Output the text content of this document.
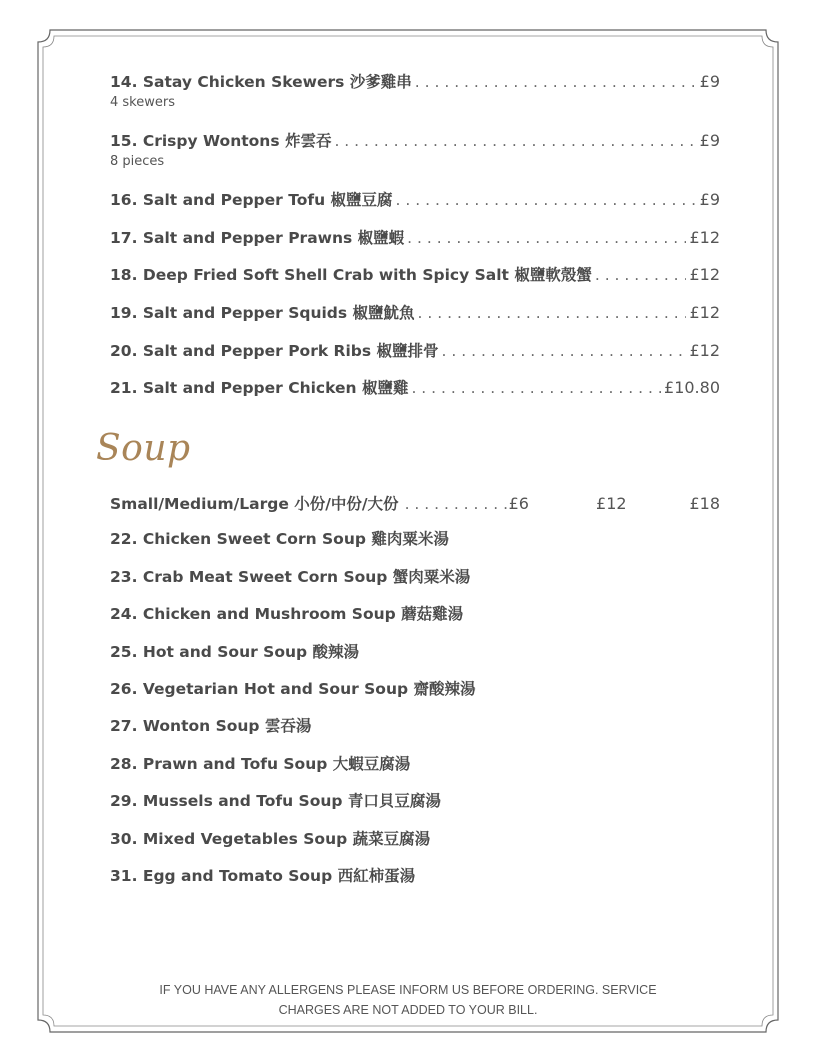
14. Satay Chicken Skewers 沙爹雞串 . . .	£9
4 skewers
15. Crispy Wontons 炸雲吞 . . .	£9
8 pieces
16. Salt and Pepper Tofu 椒鹽豆腐 . . .	£9
17. Salt and Pepper Prawns 椒鹽蝦 . . .	£12
18. Deep Fried Soft Shell Crab with Spicy Salt 椒鹽軟殼蟹 . . .	£12
19. Salt and Pepper Squids 椒鹽魷魚 . . .	£12
20. Salt and Pepper Pork Ribs 椒鹽排骨 . . .	£12
21. Salt and Pepper Chicken 椒鹽雞 . . .	£10.80
Soup
Small/Medium/Large 小份/中份/大份 . . .	£6	£12	£18
22. Chicken Sweet Corn Soup 雞肉粟米湯
23. Crab Meat Sweet Corn Soup 蟹肉粟米湯
24. Chicken and Mushroom Soup 蘑菇雞湯
25. Hot and Sour Soup 酸辣湯
26. Vegetarian Hot and Sour Soup 齋酸辣湯
27. Wonton Soup 雲吞湯
28. Prawn and Tofu Soup 大蝦豆腐湯
29. Mussels and Tofu Soup 青口貝豆腐湯
30. Mixed Vegetables Soup 蔬菜豆腐湯
31. Egg and Tomato Soup 西紅柿蛋湯
IF YOU HAVE ANY ALLERGENS PLEASE INFORM US BEFORE ORDERING. SERVICE
CHARGES ARE NOT ADDED TO YOUR BILL.
